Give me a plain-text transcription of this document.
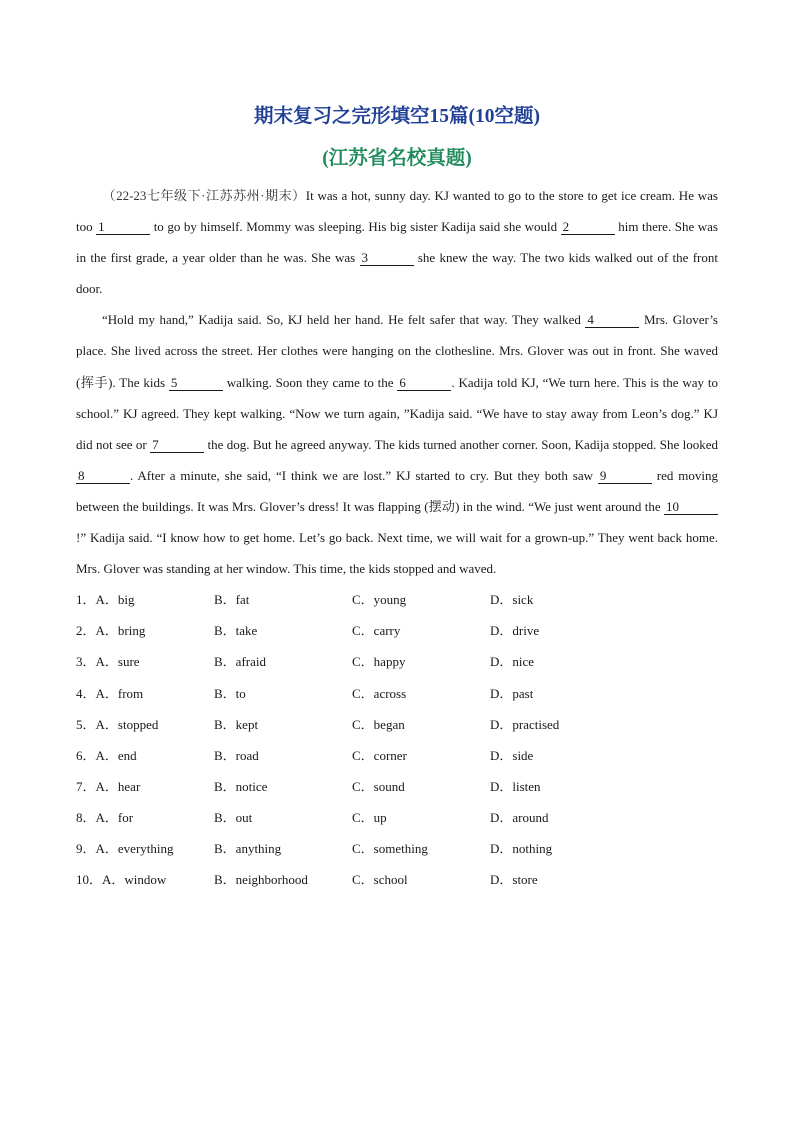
期末复习之完形填空15篇(10空题)
(江苏省名校真题)

（22-23七年级下·江苏苏州·期末）It was a hot, sunny day. KJ wanted to go to the store to get ice cream. He was too 1	to go by himself. Mommy was sleeping. His big sister Kadija said she would 2	him there. She was in the first grade, a year older than he was. She was 3	she knew the way. The two kids walked out of the front door.

“Hold my hand,” Kadija said. So, KJ held her hand. He felt safer that way. They walked 4	Mrs. Glover’s place. She lived across the street. Her clothes were hanging on the clothesline. Mrs. Glover was out in front. She waved (挥手). The kids 5	walking. Soon they came to the 6	. Kadija told KJ, “We turn here. This is the way to school.” KJ agreed. They kept walking. “Now we turn again, ”Kadija said. “We have to stay away from Leon’s dog.” KJ did not see or 7	the dog. But he agreed anyway. The kids turned another corner. Soon, Kadija stopped. She looked 8	. After a minute, she said, “I think we are lost.” KJ started to cry. But they both saw 9	red moving between the buildings. It was Mrs. Glover’s dress! It was flapping (摆动) in the wind. “We just went around the 10!” Kadija said. “I know how to get home. Let’s go back. Next time, we will wait for a grown-up.” They went back home. Mrs. Glover was standing at her window. This time, the kids stopped and waved.

1．A．big	B．fat	C．young	D．sick
2．A．bring	B．take	C．carry	D．drive
3．A．sure	B．afraid	C．happy	D．nice
4．A．from	B．to	C．across	D．past
5．A．stopped	B．kept	C．began	D．practised
6．A．end	B．road	C．corner	D．side
7．A．hear	B．notice	C．sound	D．listen
8．A．for	B．out	C．up	D．around
9．A．everything	B．anything	C．something	D．nothing
10．A．window	B．neighborhood	C．school	D．store
